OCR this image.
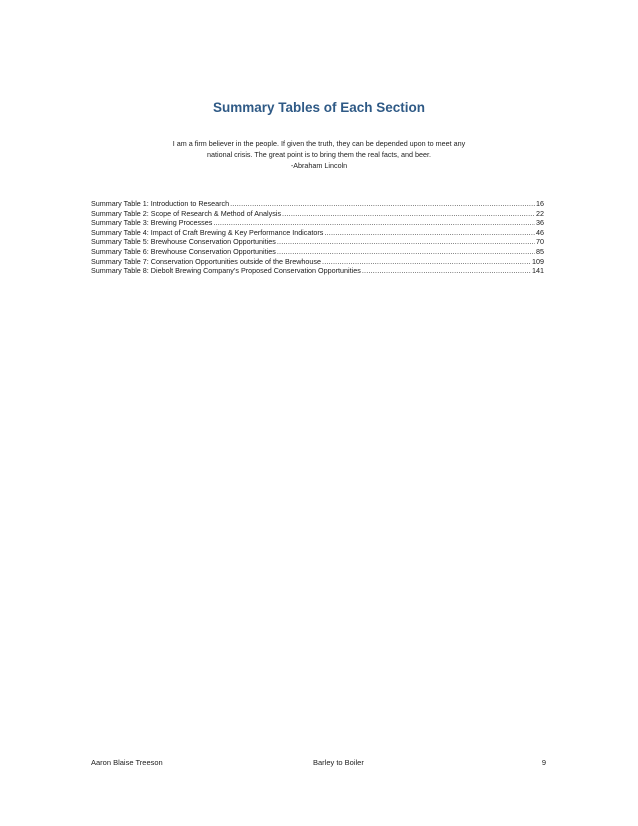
Summary Tables of Each Section
I am a firm believer in the people. If given the truth, they can be depended upon to meet any
national crisis. The great point is to bring them the real facts, and beer.
-Abraham Lincoln
Summary Table 1: Introduction to Research .....	16
Summary Table 2: Scope of Research & Method of Analysis .....	22
Summary Table 3: Brewing Processes .....	36
Summary Table 4: Impact of Craft Brewing & Key Performance Indicators .....	46
Summary Table 5: Brewhouse Conservation Opportunities .....	70
Summary Table 6: Brewhouse Conservation Opportunities .....	85
Summary Table 7: Conservation Opportunities outside of the Brewhouse .....	109
Summary Table 8: Diebolt Brewing Company’s Proposed Conservation Opportunities .....	141
Aaron Blaise Treeson	Barley to Boiler	9
